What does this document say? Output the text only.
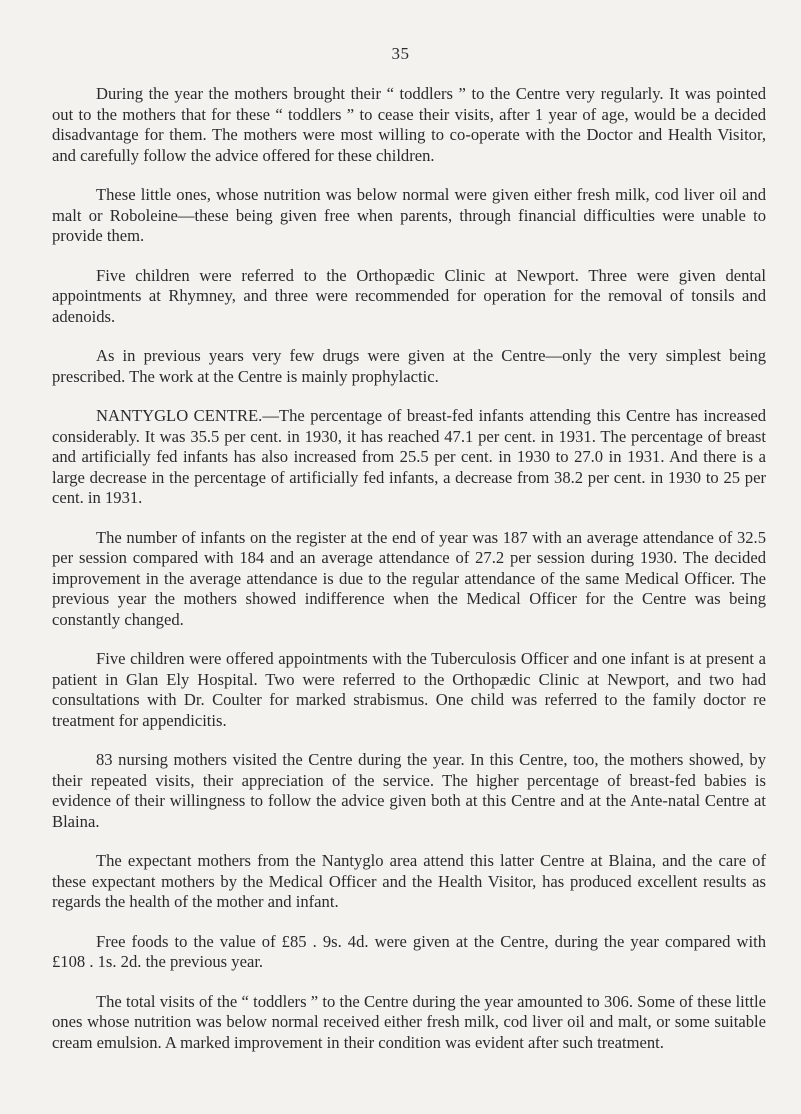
35

During the year the mothers brought their “ toddlers ” to the Centre very regularly. It was pointed out to the mothers that for these “ toddlers ” to cease their visits, after 1 year of age, would be a decided disadvantage for them. The mothers were most willing to co-operate with the Doctor and Health Visitor, and carefully follow the advice offered for these children.

These little ones, whose nutrition was below normal were given either fresh milk, cod liver oil and malt or Roboleine—these being given free when parents, through financial difficulties were unable to provide them.

Five children were referred to the Orthopædic Clinic at Newport. Three were given dental appointments at Rhymney, and three were recommended for operation for the removal of tonsils and adenoids.

As in previous years very few drugs were given at the Centre—only the very simplest being prescribed. The work at the Centre is mainly prophylactic.

NANTYGLO CENTRE.—The percentage of breast-fed infants attending this Centre has increased considerably. It was 35.5 per cent. in 1930, it has reached 47.1 per cent. in 1931. The percentage of breast and artificially fed infants has also increased from 25.5 per cent. in 1930 to 27.0 in 1931. And there is a large decrease in the percentage of artificially fed infants, a decrease from 38.2 per cent. in 1930 to 25 per cent. in 1931.

The number of infants on the register at the end of year was 187 with an average attendance of 32.5 per session compared with 184 and an average attendance of 27.2 per session during 1930. The decided improvement in the average attendance is due to the regular attendance of the same Medical Officer. The previous year the mothers showed indifference when the Medical Officer for the Centre was being constantly changed.

Five children were offered appointments with the Tuberculosis Officer and one infant is at present a patient in Glan Ely Hospital. Two were referred to the Orthopædic Clinic at Newport, and two had consultations with Dr. Coulter for marked strabismus. One child was referred to the family doctor re treatment for appendicitis.

83 nursing mothers visited the Centre during the year. In this Centre, too, the mothers showed, by their repeated visits, their appreciation of the service. The higher percentage of breast-fed babies is evidence of their willingness to follow the advice given both at this Centre and at the Ante-natal Centre at Blaina.

The expectant mothers from the Nantyglo area attend this latter Centre at Blaina, and the care of these expectant mothers by the Medical Officer and the Health Visitor, has produced excellent results as regards the health of the mother and infant.

Free foods to the value of £85 . 9s. 4d. were given at the Centre, during the year compared with £108 . 1s. 2d. the previous year.

The total visits of the “ toddlers ” to the Centre during the year amounted to 306. Some of these little ones whose nutrition was below normal received either fresh milk, cod liver oil and malt, or some suitable cream emulsion. A marked improvement in their condition was evident after such treatment.
